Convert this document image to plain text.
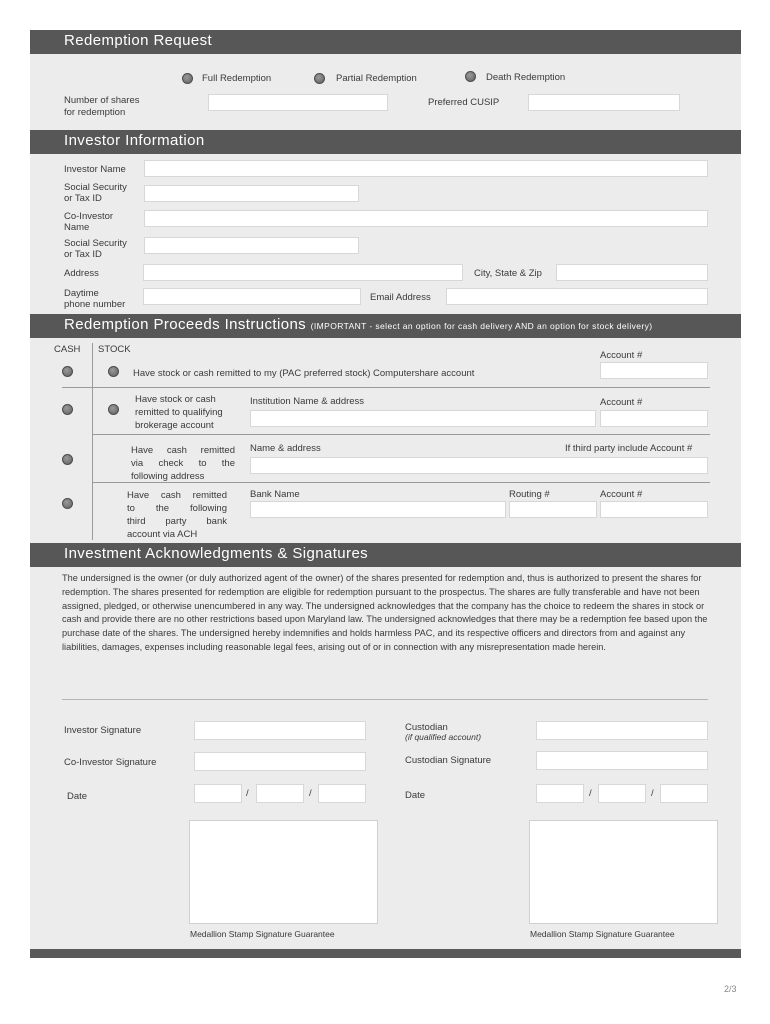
Redemption Request
Full Redemption	Partial Redemption	Death Redemption
Number of shares
for redemption
Preferred CUSIP
Investor Information
Investor Name
Social Security
or Tax ID
Co-Investor
Name
Social Security
or Tax ID
Address	City, State & Zip
Daytime
phone number
Email Address
Redemption Proceeds Instructions (IMPORTANT - select an option for cash delivery AND an option for stock delivery)
CASH STOCK
Have stock or cash remitted to my (PAC preferred stock) Computershare account
Account #
Have stock or cash
remitted to qualifying
brokerage account
Institution Name & address	Account #
Have cash remitted
via check to the
following address
Name & address	If third party include Account #
Have cash remitted
to the following
third party bank
account via ACH
Bank Name	Routing #	Account #
Investment Acknowledgments & Signatures

The undersigned is the owner (or duly authorized agent of the owner) of the shares presented for redemption and, thus is authorized to present the shares for redemption. The shares presented for redemption are eligible for redemption pursuant to the prospectus. The shares are fully transferable and have not been assigned, pledged, or otherwise unencumbered in any way. The undersigned acknowledges that the company has the choice to redeem the shares in stock or cash and provide there are no other restrictions based upon Maryland law. The undersigned acknowledges that there may be a redemption fee based upon the purchase date of the shares. The undersigned hereby indemnifies and holds harmless PAC, and its respective officers and directors from and against any liabilities, damages, expenses including reasonable legal fees, arising out of or in connection with any misrepresentation made herein.

Investor Signature
Co-Investor Signature
Date	/	/
Custodian
(if qualified account)
Custodian Signature
Date	/	/
Medallion Stamp Signature Guarantee	Medallion Stamp Signature Guarantee
2/3
